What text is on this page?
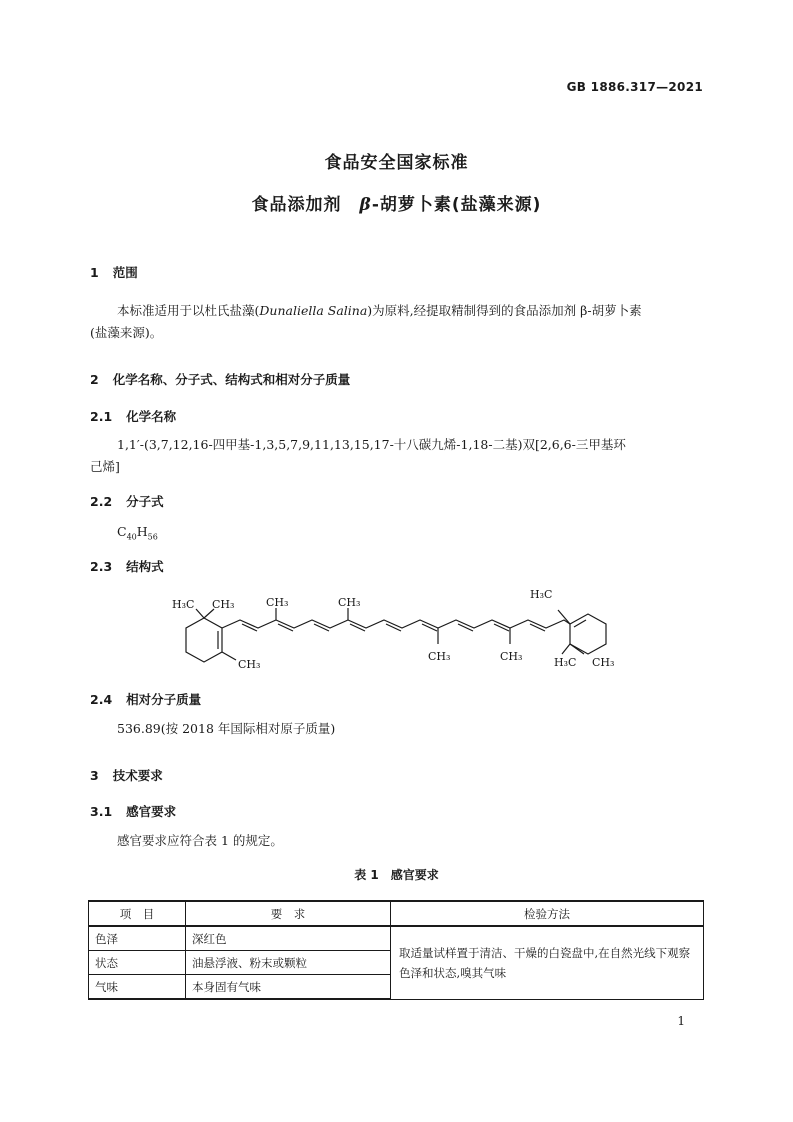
GB 1886.317—2021
食品安全国家标准
食品添加剂 β-胡萝卜素(盐藻来源)
1 范围
本标准适用于以杜氏盐藻(Dunaliella Salina)为原料,经提取精制得到的食品添加剂 β-胡萝卜素
(盐藻来源)。
2 化学名称、分子式、结构式和相对分子质量
2.1 化学名称
1,1′-(3,7,12,16-四甲基-1,3,5,7,9,11,13,15,17-十八碳九烯-1,18-二基)双[2,6,6-三甲基环
己烯]
2.2 分子式
$C_{40}H_{56}$
2.3 结构式
H₃C CH₃
CH₃
CH₃	CH₃
CH₃	CH₃
H₃C
H₃C CH₃
2.4 相对分子质量
536.89(按 2018 年国际相对原子质量)
3 技术要求
3.1 感官要求
感官要求应符合表 1 的规定。
表 1 感官要求
项 目	要 求	检验方法
色泽	深红色	取适量试样置于清洁、干燥的白瓷盘中,在自然光线下观察色泽和状态,嗅其气味
状态	油悬浮液、粉末或颗粒	
气味	本身固有气味	
1
